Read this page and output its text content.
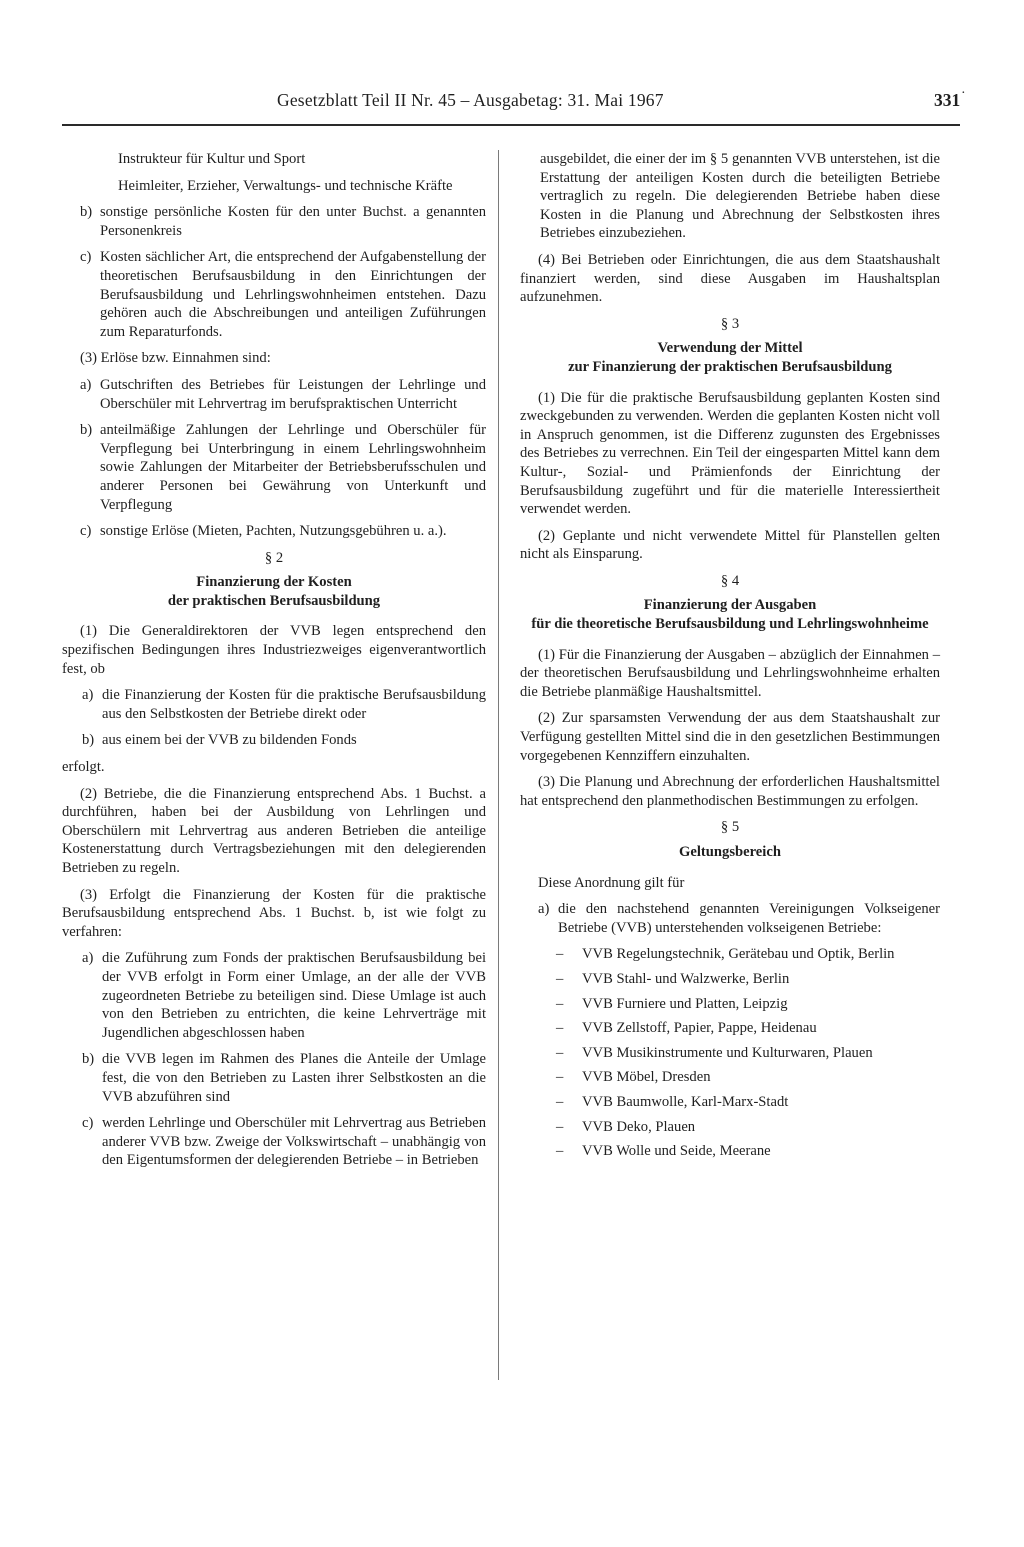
Gesetzblatt Teil II Nr. 45 – Ausgabetag: 31. Mai 1967	331 ·

Instrukteur für Kultur und Sport

Heimleiter, Erzieher, Verwaltungs- und technische Kräfte

b) sonstige persönliche Kosten für den unter Buchst. a genannten Personenkreis
c) Kosten sächlicher Art, die entsprechend der Aufgabenstellung der theoretischen Berufsausbildung in den Einrichtungen der Berufsausbildung und Lehrlingswohnheimen entstehen. Dazu gehören auch die Abschreibungen und anteiligen Zuführungen zum Reparaturfonds.

(3) Erlöse bzw. Einnahmen sind:

a) Gutschriften des Betriebes für Leistungen der Lehrlinge und Oberschüler mit Lehrvertrag im berufspraktischen Unterricht
b) anteilmäßige Zahlungen der Lehrlinge und Oberschüler für Verpflegung bei Unterbringung in einem Lehrlingswohnheim sowie Zahlungen der Mitarbeiter der Betriebsberufsschulen und anderer Personen bei Gewährung von Unterkunft und Verpflegung
c) sonstige Erlöse (Mieten, Pachten, Nutzungsgebühren u. a.).
§ 2
Finanzierung der Kosten
der praktischen Berufsausbildung

(1) Die Generaldirektoren der VVB legen entsprechend den spezifischen Bedingungen ihres Industriezweiges eigenverantwortlich fest, ob

a) die Finanzierung der Kosten für die praktische Berufsausbildung aus den Selbstkosten der Betriebe direkt oder
b) aus einem bei der VVB zu bildenden Fonds

erfolgt.

(2) Betriebe, die die Finanzierung entsprechend Abs. 1 Buchst. a durchführen, haben bei der Ausbildung von Lehrlingen und Oberschülern mit Lehrvertrag aus anderen Betrieben die anteilige Kostenerstattung durch Vertragsbeziehungen mit den delegierenden Betrieben zu regeln.

(3) Erfolgt die Finanzierung der Kosten für die praktische Berufsausbildung entsprechend Abs. 1 Buchst. b, ist wie folgt zu verfahren:

a) die Zuführung zum Fonds der praktischen Berufsausbildung bei der VVB erfolgt in Form einer Umlage, an der alle der VVB zugeordneten Betriebe zu beteiligen sind. Diese Umlage ist auch von den Betrieben zu entrichten, die keine Lehrverträge mit Jugendlichen abgeschlossen haben
b) die VVB legen im Rahmen des Planes die Anteile der Umlage fest, die von den Betrieben zu Lasten ihrer Selbstkosten an die VVB abzuführen sind
c) werden Lehrlinge und Oberschüler mit Lehrvertrag aus Betrieben anderer VVB bzw. Zweige der Volkswirtschaft – unabhängig von den Eigentumsformen der delegierenden Betriebe – in Betrieben

ausgebildet, die einer der im § 5 genannten VVB unterstehen, ist die Erstattung der anteiligen Kosten durch die beteiligten Betriebe vertraglich zu regeln. Die delegierenden Betriebe haben diese Kosten in die Planung und Abrechnung der Selbstkosten ihres Betriebes einzubeziehen.

(4) Bei Betrieben oder Einrichtungen, die aus dem Staatshaushalt finanziert werden, sind diese Ausgaben im Haushaltsplan aufzunehmen.

§ 3
Verwendung der Mittel
zur Finanzierung der praktischen Berufsausbildung

(1) Die für die praktische Berufsausbildung geplanten Kosten sind zweckgebunden zu verwenden. Werden die geplanten Kosten nicht voll in Anspruch genommen, ist die Differenz zugunsten des Ergebnisses des Betriebes zu verrechnen. Ein Teil der eingesparten Mittel kann dem Kultur-, Sozial- und Prämienfonds der Einrichtung der Berufsausbildung zugeführt und für die materielle Interessiertheit verwendet werden.

(2) Geplante und nicht verwendete Mittel für Planstellen gelten nicht als Einsparung.

§ 4
Finanzierung der Ausgaben
für die theoretische Berufsausbildung und Lehrlingswohnheime

(1) Für die Finanzierung der Ausgaben – abzüglich der Einnahmen – der theoretischen Berufsausbildung und Lehrlingswohnheime erhalten die Betriebe planmäßige Haushaltsmittel.

(2) Zur sparsamsten Verwendung der aus dem Staatshaushalt zur Verfügung gestellten Mittel sind die in den gesetzlichen Bestimmungen vorgegebenen Kennziffern einzuhalten.

(3) Die Planung und Abrechnung der erforderlichen Haushaltsmittel hat entsprechend den planmethodischen Bestimmungen zu erfolgen.

§ 5
Geltungsbereich

Diese Anordnung gilt für

a) die den nachstehend genannten Vereinigungen Volkseigener Betriebe (VVB) unterstehenden volkseigenen Betriebe:
– VVB Regelungstechnik, Gerätebau und Optik, Berlin
– VVB Stahl- und Walzwerke, Berlin
– VVB Furniere und Platten, Leipzig
– VVB Zellstoff, Papier, Pappe, Heidenau
– VVB Musikinstrumente und Kulturwaren, Plauen
– VVB Möbel, Dresden
– VVB Baumwolle, Karl-Marx-Stadt
– VVB Deko, Plauen
– VVB Wolle und Seide, Meerane
